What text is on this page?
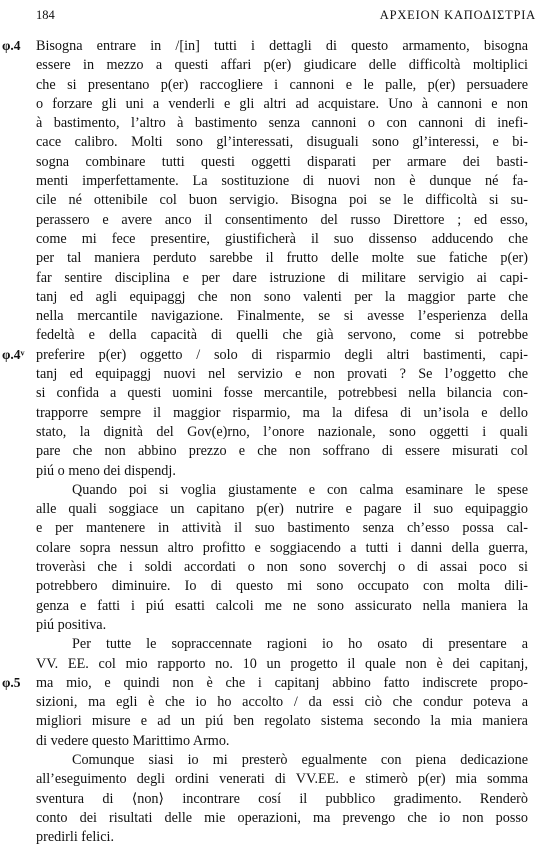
184	ΑΡΧΕΙΟΝ ΚΑΠΟΔΙΣΤΡΙΑ
φ.4
φ.4ᵛ
φ.5
Bisogna entrare in /[in] tutti i dettagli di questo armamento, bisogna
essere in mezzo a questi affari p(er) giudicare delle difficoltà moltiplici
che si presentano p(er) raccogliere i cannoni e le palle, p(er) persuadere
o forzare gli uni a venderli e gli altri ad acquistare. Uno à cannoni e non
à bastimento, l’altro à bastimento senza cannoni o con cannoni di inefi-
cace calibro. Molti sono gl’interessati, disuguali sono gl’interessi, e bi-
sogna combinare tutti questi oggetti disparati per armare dei basti-
menti imperfettamente. La sostituzione di nuovi non è dunque né fa-
cile né ottenibile col buon servigio. Bisogna poi se le difficoltà si su-
perassero e avere anco il consentimento del russo Direttore ; ed esso,
come mi fece presentire, giustificherà il suo dissenso adducendo che
per tal maniera perduto sarebbe il frutto delle molte sue fatiche p(er)
far sentire disciplina e per dare istruzione di militare servigio ai capi-
tanj ed agli equipaggj che non sono valenti per la maggior parte che
nella mercantile navigazione. Finalmente, se si avesse l’esperienza della
fedeltà e della capacità di quelli che già servono, come si potrebbe
preferire p(er) oggetto / solo di risparmio degli altri bastimenti, capi-
tanj ed equipaggj nuovi nel servizio e non provati ? Se l’oggetto che
si confida a questi uomini fosse mercantile, potrebbesi nella bilancia con-
trapporre sempre il maggior risparmio, ma la difesa di un’isola e dello
stato, la dignità del Gov(e)rno, l’onore nazionale, sono oggetti i quali
pare che non abbino prezzo e che non soffrano di essere misurati col
piú o meno dei dispendj.
Quando poi si voglia giustamente e con calma esaminare le spese
alle quali soggiace un capitano p(er) nutrire e pagare il suo equipaggio
e per mantenere in attività il suo bastimento senza ch’esso possa cal-
colare sopra nessun altro profitto e soggiacendo a tutti i danni della guerra,
troveràsi che i soldi accordati o non sono soverchj o di assai poco si
potrebbero diminuire. Io di questo mi sono occupato con molta dili-
genza e fatti i piú esatti calcoli me ne sono assicurato nella maniera la
piú positiva.
Per tutte le sopraccennate ragioni io ho osato di presentare a
VV. EE. col mio rapporto no. 10 un progetto il quale non è dei capitanj,
ma mio, e quindi non è che i capitanj abbino fatto indiscrete propo-
sizioni, ma egli è che io ho accolto / da essi ciò che condur poteva a
migliori misure e ad un piú ben regolato sistema secondo la mia maniera
di vedere questo Marittimo Armo.
Comunque siasi io mi presterò egualmente con piena dedicazione
all’eseguimento degli ordini venerati di VV.EE. e stimerò p(er) mia somma
sventura di ⟨non⟩ incontrare cosí il pubblico gradimento. Renderò
conto dei risultati delle mie operazioni, ma prevengo che io non posso
predirli felici.
